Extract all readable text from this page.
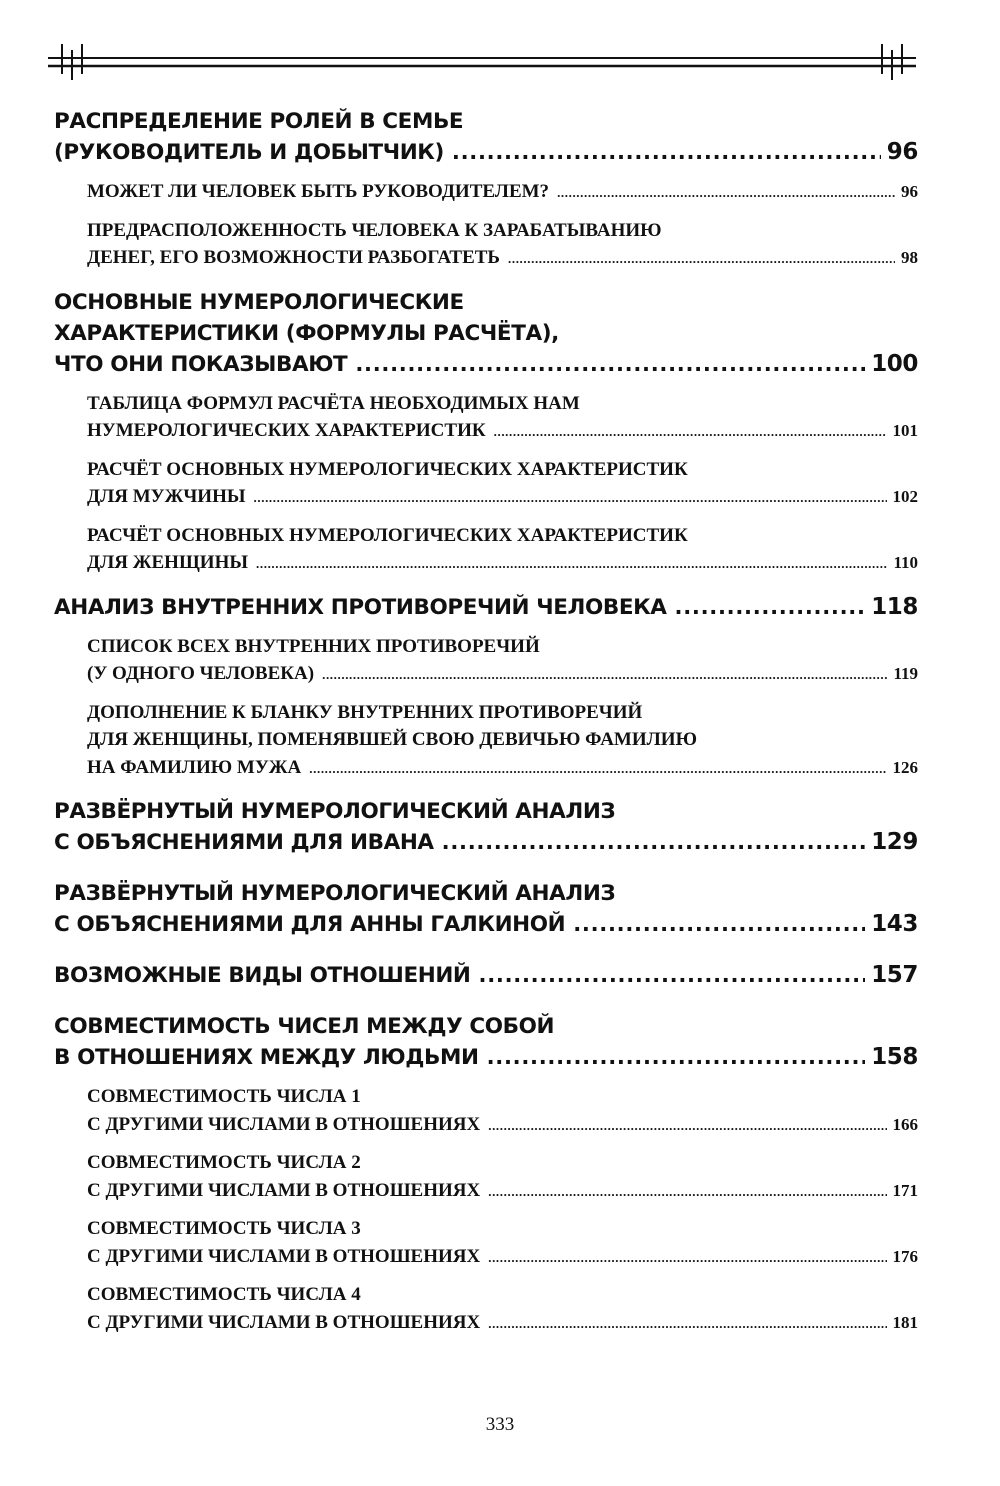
РАСПРЕДЕЛЕНИЕ РОЛЕЙ В СЕМЬЕ
(РУКОВОДИТЕЛЬ И ДОБЫТЧИК) . . .	96
МОЖЕТ ЛИ ЧЕЛОВЕК БЫТЬ РУКОВОДИТЕЛЕМ? .....	96
ПРЕДРАСПОЛОЖЕННОСТЬ ЧЕЛОВЕКА К ЗАРАБАТЫВАНИЮ
ДЕНЕГ, ЕГО ВОЗМОЖНОСТИ РАЗБОГАТЕТЬ .....	98
ОСНОВНЫЕ НУМЕРОЛОГИЧЕСКИЕ
ХАРАКТЕРИСТИКИ (ФОРМУЛЫ РАСЧЁТА),
ЧТО ОНИ ПОКАЗЫВАЮТ . . .	100
ТАБЛИЦА ФОРМУЛ РАСЧЁТА НЕОБХОДИМЫХ НАМ
НУМЕРОЛОГИЧЕСКИХ ХАРАКТЕРИСТИК .....	101
РАСЧЁТ ОСНОВНЫХ НУМЕРОЛОГИЧЕСКИХ ХАРАКТЕРИСТИК
ДЛЯ МУЖЧИНЫ .....	102
РАСЧЁТ ОСНОВНЫХ НУМЕРОЛОГИЧЕСКИХ ХАРАКТЕРИСТИК
ДЛЯ ЖЕНЩИНЫ .....	110
АНАЛИЗ ВНУТРЕННИХ ПРОТИВОРЕЧИЙ ЧЕЛОВЕКА . . .	118
СПИСОК ВСЕХ ВНУТРЕННИХ ПРОТИВОРЕЧИЙ
(У ОДНОГО ЧЕЛОВЕКА) .....	119
ДОПОЛНЕНИЕ К БЛАНКУ ВНУТРЕННИХ ПРОТИВОРЕЧИЙ
ДЛЯ ЖЕНЩИНЫ, ПОМЕНЯВШЕЙ СВОЮ ДЕВИЧЬЮ ФАМИЛИЮ
НА ФАМИЛИЮ МУЖА .....	126
РАЗВЁРНУТЫЙ НУМЕРОЛОГИЧЕСКИЙ АНАЛИЗ
С ОБЪЯСНЕНИЯМИ ДЛЯ ИВАНА . . .	129
РАЗВЁРНУТЫЙ НУМЕРОЛОГИЧЕСКИЙ АНАЛИЗ
С ОБЪЯСНЕНИЯМИ ДЛЯ АННЫ ГАЛКИНОЙ . . .	143
ВОЗМОЖНЫЕ ВИДЫ ОТНОШЕНИЙ . . .	157
СОВМЕСТИМОСТЬ ЧИСЕЛ МЕЖДУ СОБОЙ
В ОТНОШЕНИЯХ МЕЖДУ ЛЮДЬМИ . . .	158
СОВМЕСТИМОСТЬ ЧИСЛА 1
С ДРУГИМИ ЧИСЛАМИ В ОТНОШЕНИЯХ .....	166
СОВМЕСТИМОСТЬ ЧИСЛА 2
С ДРУГИМИ ЧИСЛАМИ В ОТНОШЕНИЯХ .....	171
СОВМЕСТИМОСТЬ ЧИСЛА 3
С ДРУГИМИ ЧИСЛАМИ В ОТНОШЕНИЯХ .....	176
СОВМЕСТИМОСТЬ ЧИСЛА 4
С ДРУГИМИ ЧИСЛАМИ В ОТНОШЕНИЯХ .....	181
333
